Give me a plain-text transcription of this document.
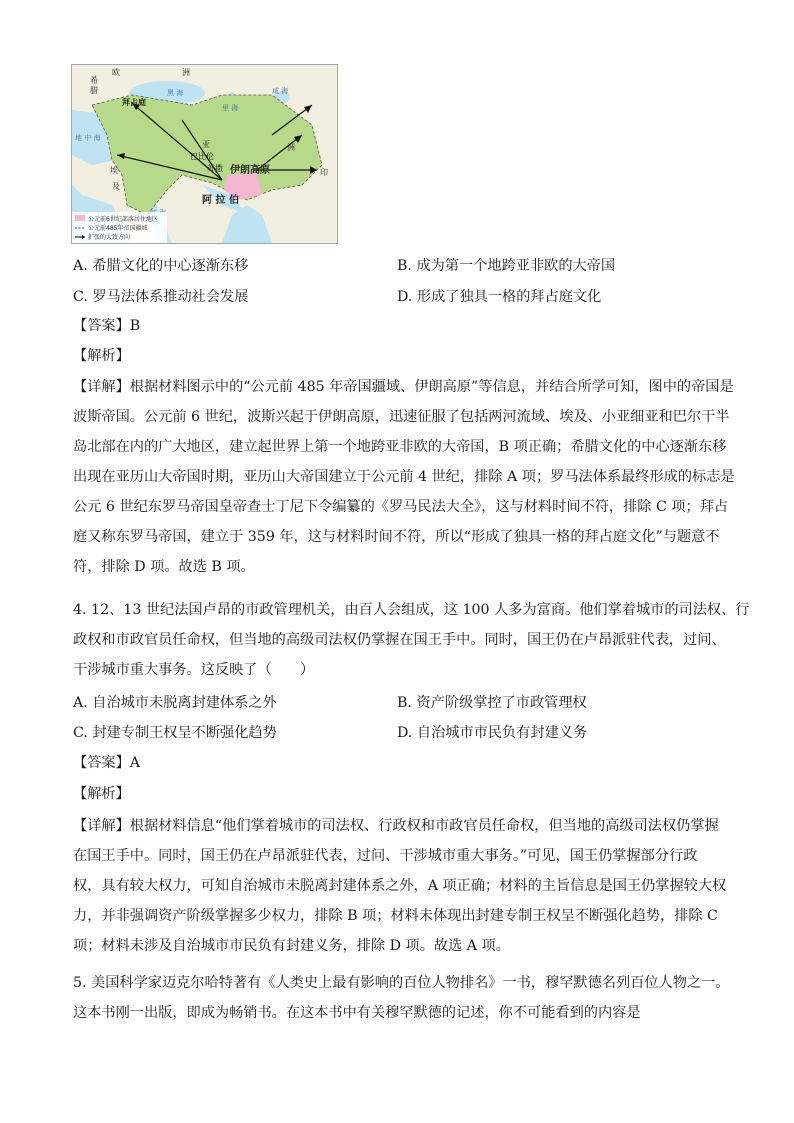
欧	洲
希
腊
拜占庭
亚
巴比伦
苏撒 伊朗高原
洲
埃
及
阿 拉 伯
印
黑 海
里 海
地 中 海
咸 海
公元前6世纪部落居住地区
公元前485年帝国疆域
扩张的大致方向
A. 希腊文化的中心逐渐东移	B. 成为第一个地跨亚非欧的大帝国
C. 罗马法体系推动社会发展	D. 形成了独具一格的拜占庭文化
【答案】B
【解析】
【详解】根据材料图示中的“公元前 485 年帝国疆域、伊朗高原”等信息，并结合所学可知，图中的帝国是
波斯帝国。公元前 6 世纪，波斯兴起于伊朗高原，迅速征服了包括两河流域、埃及、小亚细亚和巴尔干半
岛北部在内的广大地区，建立起世界上第一个地跨亚非欧的大帝国，B 项正确；希腊文化的中心逐渐东移
出现在亚历山大帝国时期，亚历山大帝国建立于公元前 4 世纪，排除 A 项；罗马法体系最终形成的标志是
公元 6 世纪东罗马帝国皇帝查士丁尼下令编纂的《罗马民法大全》，这与材料时间不符，排除 C 项；拜占
庭又称东罗马帝国，建立于 359 年，这与材料时间不符，所以“形成了独具一格的拜占庭文化”与题意不
符，排除 D 项。故选 B 项。
4. 12、13 世纪法国卢昂的市政管理机关，由百人会组成，这 100 人多为富商。他们掌着城市的司法权、行
政权和市政官员任命权，但当地的高级司法权仍掌握在国王手中。同时，国王仍在卢昂派驻代表，过问、
干涉城市重大事务。这反映了（　　）
A. 自治城市未脱离封建体系之外	B. 资产阶级掌控了市政管理权
C. 封建专制王权呈不断强化趋势	D. 自治城市市民负有封建义务
【答案】A
【解析】
【详解】根据材料信息“他们掌着城市的司法权、行政权和市政官员任命权，但当地的高级司法权仍掌握
在国王手中。同时，国王仍在卢昂派驻代表，过问、干涉城市重大事务。”可见，国王仍掌握部分行政
权，具有较大权力，可知自治城市未脱离封建体系之外，A 项正确；材料的主旨信息是国王仍掌握较大权
力，并非强调资产阶级掌握多少权力，排除 B 项；材料未体现出封建专制王权呈不断强化趋势，排除 C
项；材料未涉及自治城市市民负有封建义务，排除 D 项。故选 A 项。
5. 美国科学家迈克尔哈特著有《人类史上最有影响的百位人物排名》一书，穆罕默德名列百位人物之一。
这本书刚一出版，即成为畅销书。在这本书中有关穆罕默德的记述，你不可能看到的内容是
